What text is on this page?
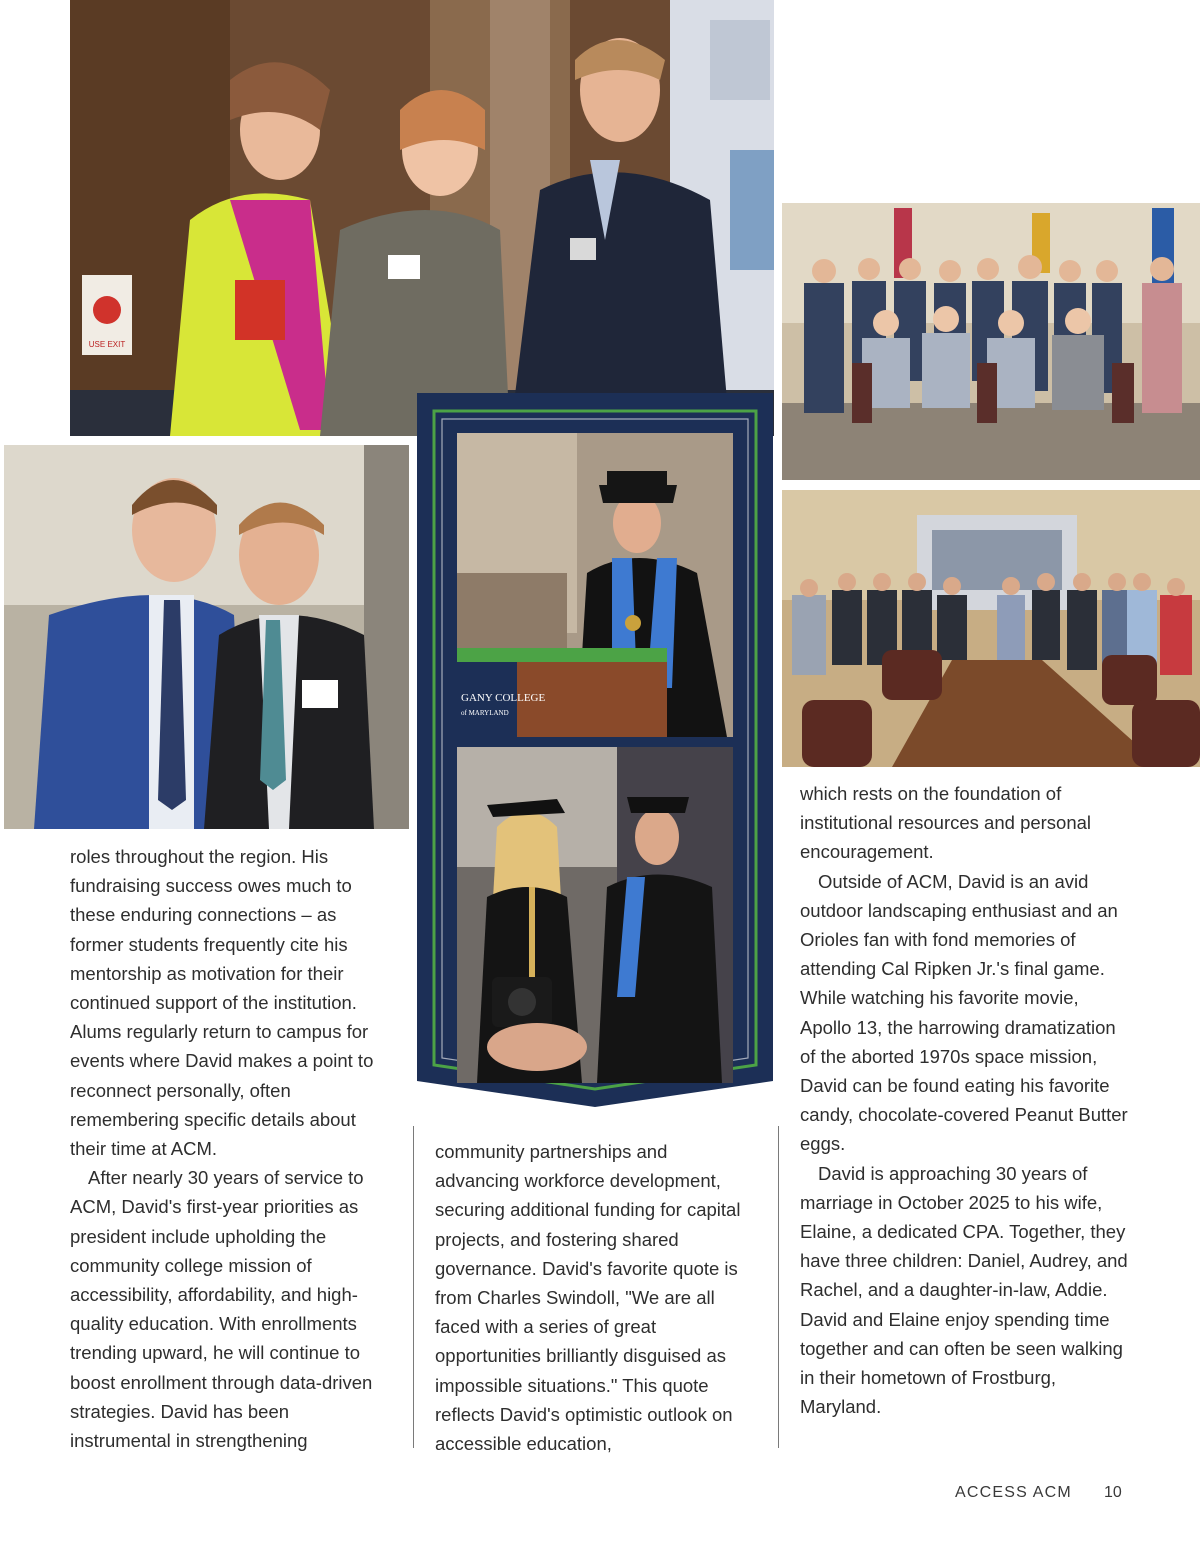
USE EXIT
GANY COLLEGE
of MARYLAND

roles throughout the region. His fundraising success owes much to these enduring connections – as former students frequently cite his mentorship as motivation for their continued support of the institution. Alums regularly return to campus for events where David makes a point to reconnect personally, often remembering specific details about their time at ACM.

After nearly 30 years of service to ACM, David's first-year priorities as president include upholding the community college mission of accessibility, affordability, and high-quality education. With enrollments trending upward, he will continue to boost enrollment through data-driven strategies. David has been instrumental in strengthening

community partnerships and advancing workforce development, securing additional funding for capital projects, and fostering shared governance. David's favorite quote is from Charles Swindoll, "We are all faced with a series of great opportunities brilliantly disguised as impossible situations." This quote reflects David's optimistic outlook on accessible education,

which rests on the foundation of institutional resources and personal encouragement.

Outside of ACM, David is an avid outdoor landscaping enthusiast and an Orioles fan with fond memories of attending Cal Ripken Jr.'s final game. While watching his favorite movie, Apollo 13, the harrowing dramatization of the aborted 1970s space mission, David can be found eating his favorite candy, chocolate-covered Peanut Butter eggs.

David is approaching 30 years of marriage in October 2025 to his wife, Elaine, a dedicated CPA. Together, they have three children: Daniel, Audrey, and Rachel, and a daughter-in-law, Addie. David and Elaine enjoy spending time together and can often be seen walking in their hometown of Frostburg, Maryland.

ACCESS ACM 10
